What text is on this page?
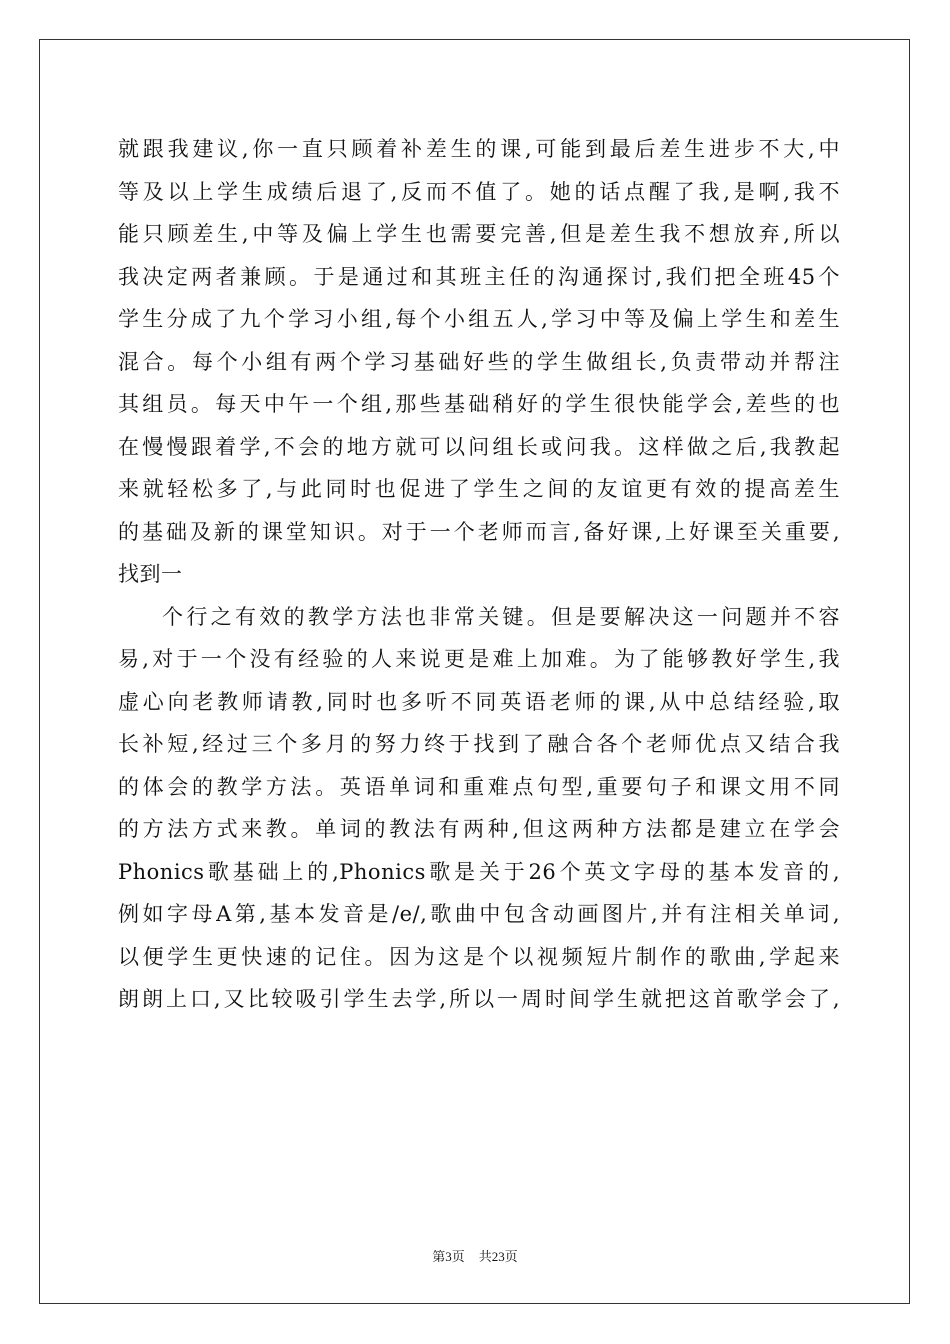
就跟我建议,你一直只顾着补差生的课,可能到最后差生进步不大,中
等及以上学生成绩后退了,反而不值了。她的话点醒了我,是啊,我不
能只顾差生,中等及偏上学生也需要完善,但是差生我不想放弃,所以
我决定两者兼顾。于是通过和其班主任的沟通探讨,我们把全班45个
学生分成了九个学习小组,每个小组五人,学习中等及偏上学生和差生
混合。每个小组有两个学习基础好些的学生做组长,负责带动并帮注
其组员。每天中午一个组,那些基础稍好的学生很快能学会,差些的也
在慢慢跟着学,不会的地方就可以问组长或问我。这样做之后,我教起
来就轻松多了,与此同时也促进了学生之间的友谊更有效的提高差生
的基础及新的课堂知识。对于一个老师而言,备好课,上好课至关重要,
找到一
个行之有效的教学方法也非常关键。但是要解决这一问题并不容
易,对于一个没有经验的人来说更是难上加难。为了能够教好学生,我
虚心向老教师请教,同时也多听不同英语老师的课,从中总结经验,取
长补短,经过三个多月的努力终于找到了融合各个老师优点又结合我
的体会的教学方法。英语单词和重难点句型,重要句子和课文用不同
的方法方式来教。单词的教法有两种,但这两种方法都是建立在学会
Phonics歌基础上的,Phonics歌是关于26个英文字母的基本发音的,
例如字母A第,基本发音是/e/,歌曲中包含动画图片,并有注相关单词,
以便学生更快速的记住。因为这是个以视频短片制作的歌曲,学起来
朗朗上口,又比较吸引学生去学,所以一周时间学生就把这首歌学会了,
第3页 共23页
